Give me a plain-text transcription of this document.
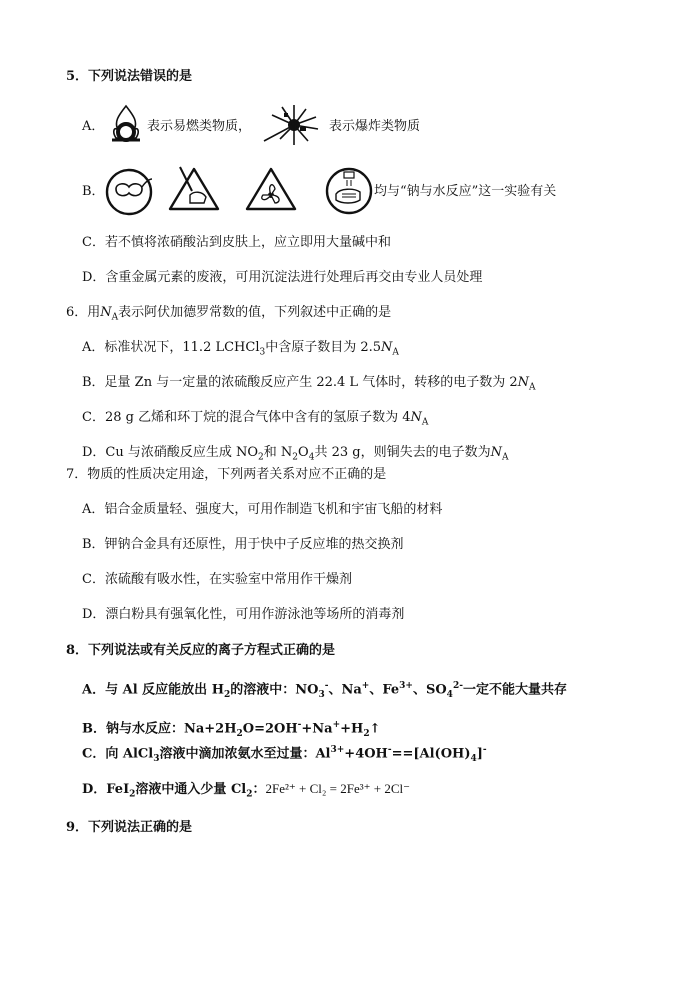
5．下列说法错误的是
A．	表示易燃类物质，	表示爆炸类物质
B．	均与“钠与水反应”这一实验有关
C．若不慎将浓硝酸沾到皮肤上，应立即用大量碱中和
D．含重金属元素的废液，可用沉淀法进行处理后再交由专业人员处理
6．用$N_A$表示阿伏加德罗常数的值，下列叙述中正确的是
A．标准状况下，11.2 LCHCl$_3$中含原子数目为 $2.5N_A$
B．足量 Zn 与一定量的浓硫酸反应产生 22.4 L 气体时，转移的电子数为 $2N_A$
C．28 g 乙烯和环丁烷的混合气体中含有的氢原子数为 $4N_A$
D．Cu 与浓硝酸反应生成 $NO_2$和 $N_2O_4$共 23 g，则铜失去的电子数为$N_A$
7．物质的性质决定用途，下列两者关系对应不正确的是
A．铝合金质量轻、强度大，可用作制造飞机和宇宙飞船的材料
B．钾钠合金具有还原性，用于快中子反应堆的热交换剂
C．浓硫酸有吸水性，在实验室中常用作干燥剂
D．漂白粉具有强氧化性，可用作游泳池等场所的消毒剂
8．下列说法或有关反应的离子方程式正确的是
A．与 Al 反应能放出 $H_2$的溶液中：$NO_3^-$、Na+、$Fe^{3+}$、$SO_4^{2-}$一定不能大量共存
B．钠与水反应：$Na+2H_2O=2OH^-+Na^++H_2↑$
C．向 AlCl$_3$溶液中滴加浓氨水至过量：$Al^{3+}+4OH^-==[Al(OH)_4]^-$
D．FeI$_2$溶液中通入少量 $Cl_2$：2Fe²⁺ + Cl₂ = 2Fe³⁺ + 2Cl⁻
9．下列说法正确的是
